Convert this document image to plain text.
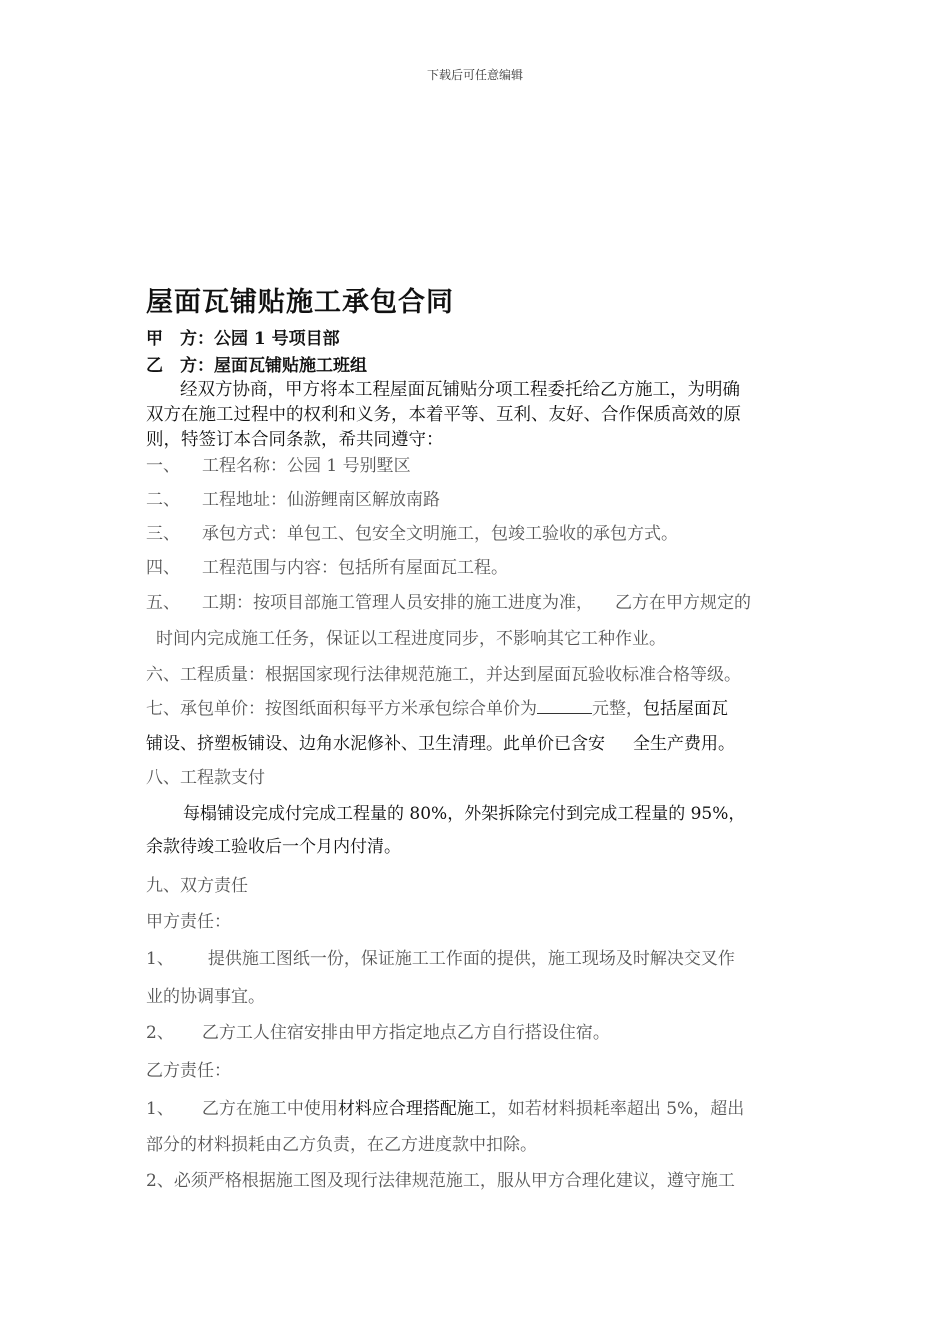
下载后可任意编辑
屋面瓦铺贴施工承包合同
甲　方：公园 1 号项目部
乙　方：屋面瓦铺贴施工班组
经双方协商，甲方将本工程屋面瓦铺贴分项工程委托给乙方施工，为明确
双方在施工过程中的权利和义务，本着平等、互利、友好、合作保质高效的原
则，特签订本合同条款，希共同遵守：
一、 工程名称：公园 1 号别墅区
二、 工程地址：仙游鲤南区解放南路
三、 承包方式：单包工、包安全文明施工，包竣工验收的承包方式。
四、 工程范围与内容：包括所有屋面瓦工程。
五、 工期：按项目部施工管理人员安排的施工进度为准， 乙方在甲方规定的
时间内完成施工任务，保证以工程进度同步，不影响其它工种作业。
六、工程质量：根据国家现行法律规范施工，并达到屋面瓦验收标准合格等级。
七、承包单价：按图纸面积每平方米承包综合单价为	元整，包括屋面瓦
铺设、挤塑板铺设、边角水泥修补、卫生清理。此单价已含安 全生产费用。
八、工程款支付
每榻铺设完成付完成工程量的 80%，外架拆除完付到完成工程量的 95%，
余款待竣工验收后一个月内付清。
九、双方责任
甲方责任：
1、 提供施工图纸一份，保证施工工作面的提供，施工现场及时解决交叉作
业的协调事宜。
2、 乙方工人住宿安排由甲方指定地点乙方自行搭设住宿。
乙方责任：
1、 乙方在施工中使用材料应合理搭配施工，如若材料损耗率超出 5%，超出
部分的材料损耗由乙方负责，在乙方进度款中扣除。
2、必须严格根据施工图及现行法律规范施工，服从甲方合理化建议，遵守施工
